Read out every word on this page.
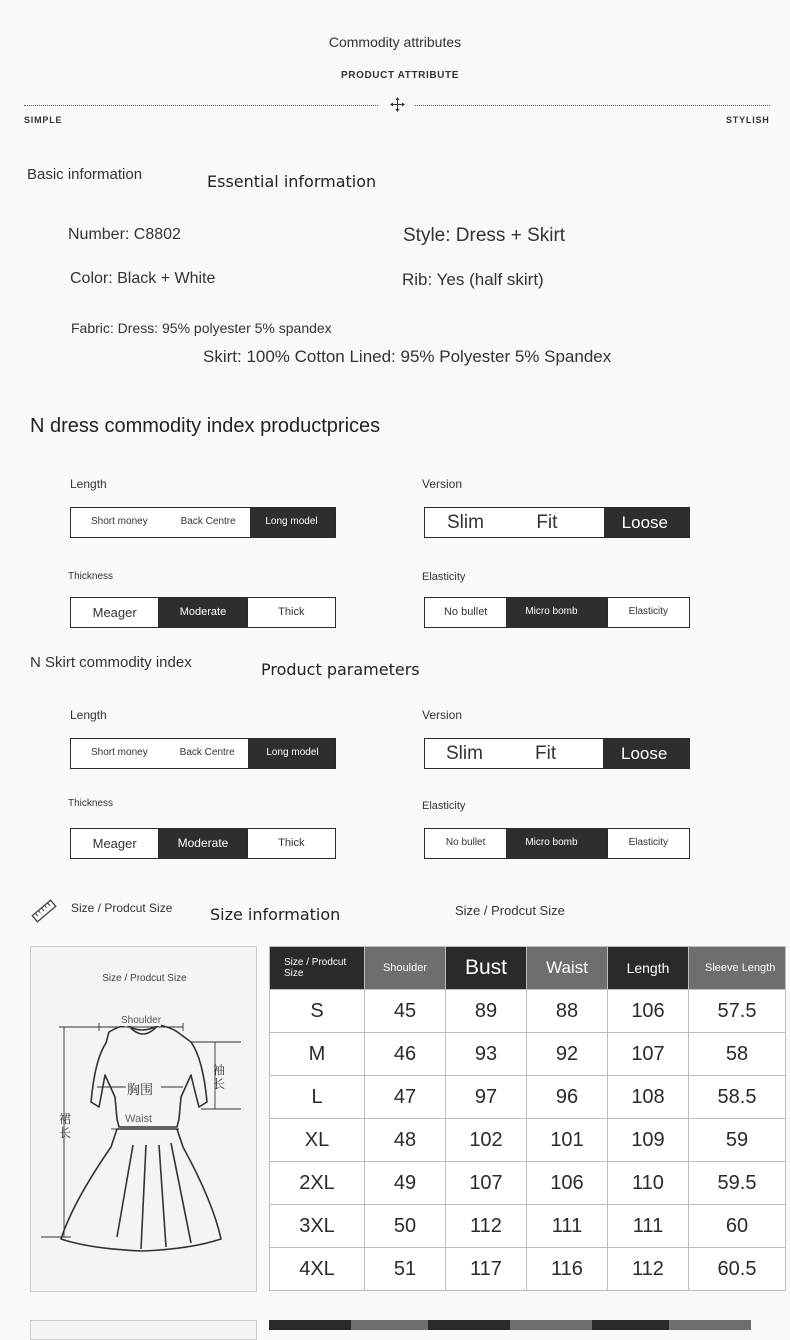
Commodity attributes
PRODUCT ATTRIBUTE
SIMPLE	STYLISH
Basic information	Essential information
Number: C8802	Style: Dress + Skirt
Color: Black + White	Rib: Yes (half skirt)
Fabric: Dress: 95% polyester 5% spandex
Skirt: 100% Cotton Lined: 95% Polyester 5% Spandex
N dress commodity index productprices
Length
Short money	Back Centre	Long model
Version
Slim	Fit	Loose
Thickness
Meager	Moderate	Thick
Elasticity
No bullet	Micro bomb	Elasticity
N Skirt commodity index	Product parameters
Length
Short money	Back Centre	Long model
Version
Slim	Fit	Loose
Thickness
Meager	Moderate	Thick
Elasticity
No bullet	Micro bomb	Elasticity
Size / Prodcut Size Size information	Size / Prodcut Size
Size / Prodcut Size
Shoulder
胸围
Waist
袖长
裙长
Size / Prodcut Size	Shoulder	Bust	Waist	Length	Sleeve Length
S	45	89	88	106	57.5
M	46	93	92	107	58
L	47	97	96	108	58.5
XL	48	102	101	109	59
2XL	49	107	106	110	59.5
3XL	50	112	111	111	60
4XL	51	117	116	112	60.5
